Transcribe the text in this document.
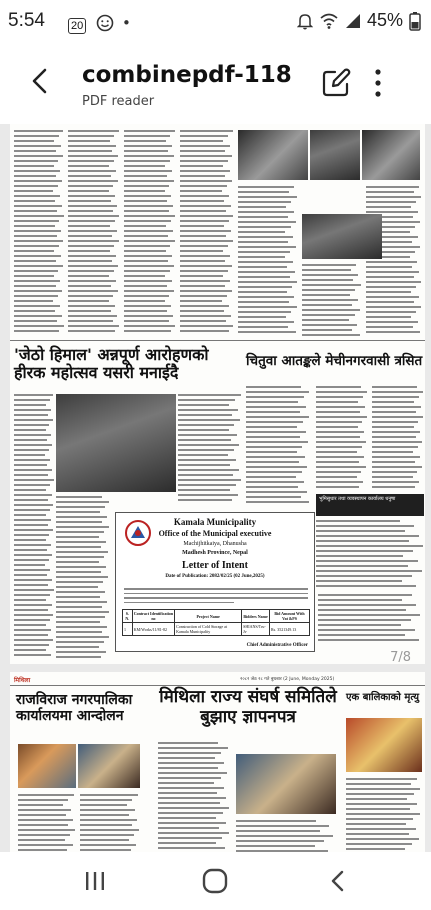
5:54 20	•	45%
combinepdf-118
PDF reader
'जेठो हिमाल' अन्नपूर्ण आरोहणको हीरक महोत्सव यसरी मनाईदै
चितुवा आतङ्कले मेचीनगरवासी त्रसित
भुमिसुधार तथा व्यवस्थापन कार्यालय धनुषा
Kamala Municipality
Office of the Municipal executive
Machijhitkaiya, Dhanusha
Madhesh Province, Nepal
Letter of Intent
Date of Publication: 2082/02/25 (02 June,2025)
S. N.	Contract Identification no	Project Name	Bidders Name	Bid Amount With Vat &PS
1	KM/Works/11/81-82	Construction of Cold Storage at Kamala Municipality	SHIANS/Tru-Jv	Rs. 3521349.13
Chief Administrative Officer
7/8
मिथिला	२०८२ जेठ २८ गते बुधबार (2 June, Monday 2025)
राजविराज नगरपालिका कार्यालयमा आन्दोलन
मिथिला राज्य संघर्ष समितिले बुझाए ज्ञापनपत्र
एक बालिकाको मृत्यु
